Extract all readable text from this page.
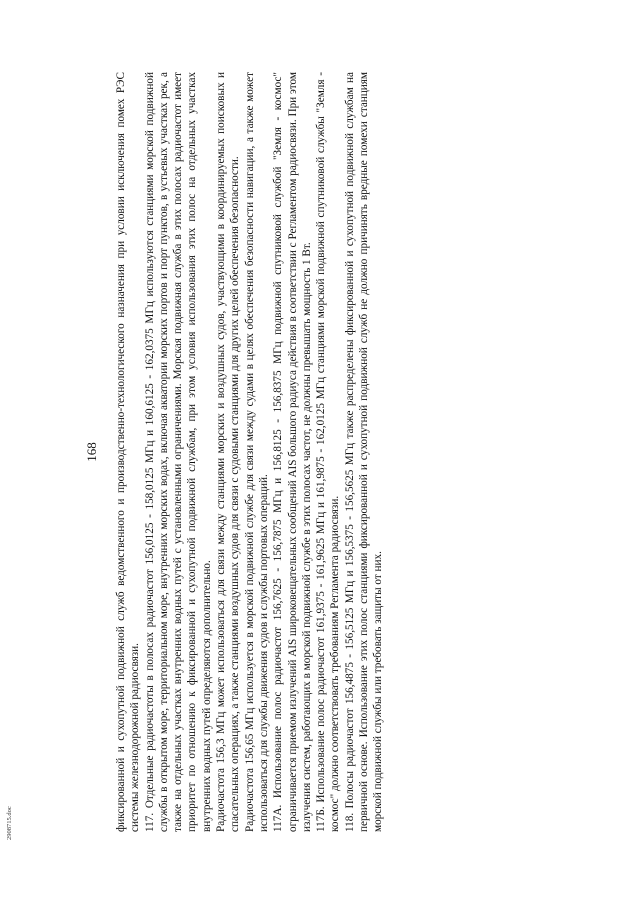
168 фиксированной и сухопутной подвижной служб ведомственного и производственно-технологического назначения при условии исключения помех РЭС системы железнодорожной радиосвязи. 117. Отдельные радиочастоты в полосах радиочастот 156,0125 - 158,0125 МГц и 160,6125 - 162,0375 МГц используются станциями морской подвижной службы в открытом море, территориальном море, внутренних морских водах, включая акватории морских портов и порт пунктов, в устьевых участках рек, а также на отдельных участках внутренних водных путей с установленными ограничениями. Морская подвижная служба в этих полосах радиочастот имеет приоритет по отношению к фиксированной и сухопутной подвижной службам, при этом условия использования этих полос на отдельных участках внутренних водных путей определяются дополнительно. Радиочастота 156,3 МГц может использоваться для связи между станциями морских и воздушных судов, участвующими в координируемых поисковых и спасательных операциях, а также станциями воздушных судов для связи с судовыми станциями для других целей обеспечения безопасности. Радиочастота 156,65 МГц используется в морской подвижной службе для связи между судами в целях обеспечения безопасности навигации, а также может использоваться для службы движения судов и службы портовых операций. 117А. Использование полос радиочастот 156,7625 - 156,7875 МГц и 156,8125 - 156,8375 МГц подвижной спутниковой службой "Земля - космос" ограничивается приемом излучений AIS широковещательных сообщений AIS большого радиуса действия в соответствии с Регламентом радиосвязи. При этом излучения систем, работающих в морской подвижной службе в этих полосах частот, не должны превышать мощность 1 Вт. 117Б. Использование полос радиочастот 161,9375 - 161,9625 МГц и 161,9875 - 162,0125 МГц станциями морской подвижной спутниковой службы "Земля - космос" должно соответствовать требованиям Регламента радиосвязи. 118. Полосы радиочастот 156,4875 - 156,5125 МГц и 156,5375 - 156,5625 МГц также распределены фиксированной и сухопутной подвижной службам на первичной основе. Использование этих полос станциями фиксированной и сухопутной подвижной служб не должно причинять вредные помехи станциям морской подвижной службы или требовать защиты от них.

2908715.doc
